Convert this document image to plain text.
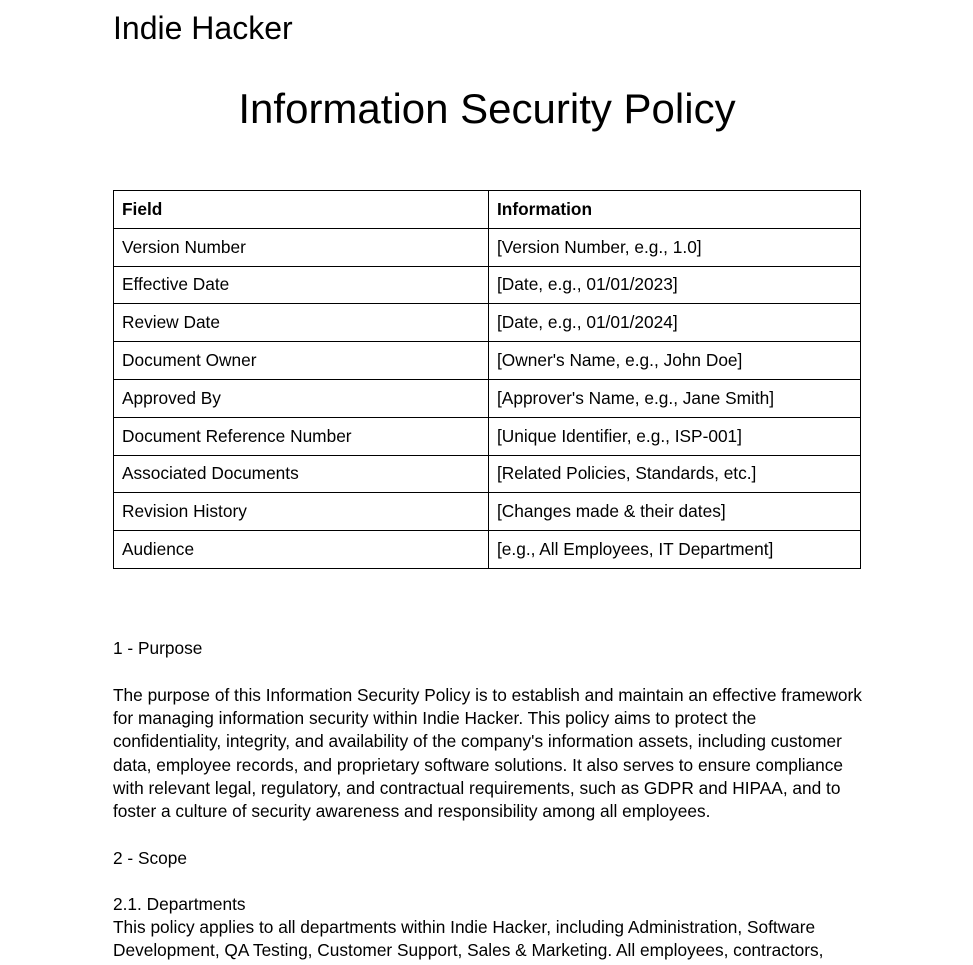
Indie Hacker
Information Security Policy
Field	Information
Version Number	[Version Number, e.g., 1.0]
Effective Date	[Date, e.g., 01/01/2023]
Review Date	[Date, e.g., 01/01/2024]
Document Owner	[Owner's Name, e.g., John Doe]
Approved By	[Approver's Name, e.g., Jane Smith]
Document Reference Number	[Unique Identifier, e.g., ISP-001]
Associated Documents	[Related Policies, Standards, etc.]
Revision History	[Changes made & their dates]
Audience	[e.g., All Employees, IT Department]

1 - Purpose

The purpose of this Information Security Policy is to establish and maintain an effective framework for managing information security within Indie Hacker. This policy aims to protect the confidentiality, integrity, and availability of the company's information assets, including customer data, employee records, and proprietary software solutions. It also serves to ensure compliance with relevant legal, regulatory, and contractual requirements, such as GDPR and HIPAA, and to foster a culture of security awareness and responsibility among all employees.

2 - Scope

2.1. Departments

This policy applies to all departments within Indie Hacker, including Administration, Software Development, QA Testing, Customer Support, Sales & Marketing. All employees, contractors,
